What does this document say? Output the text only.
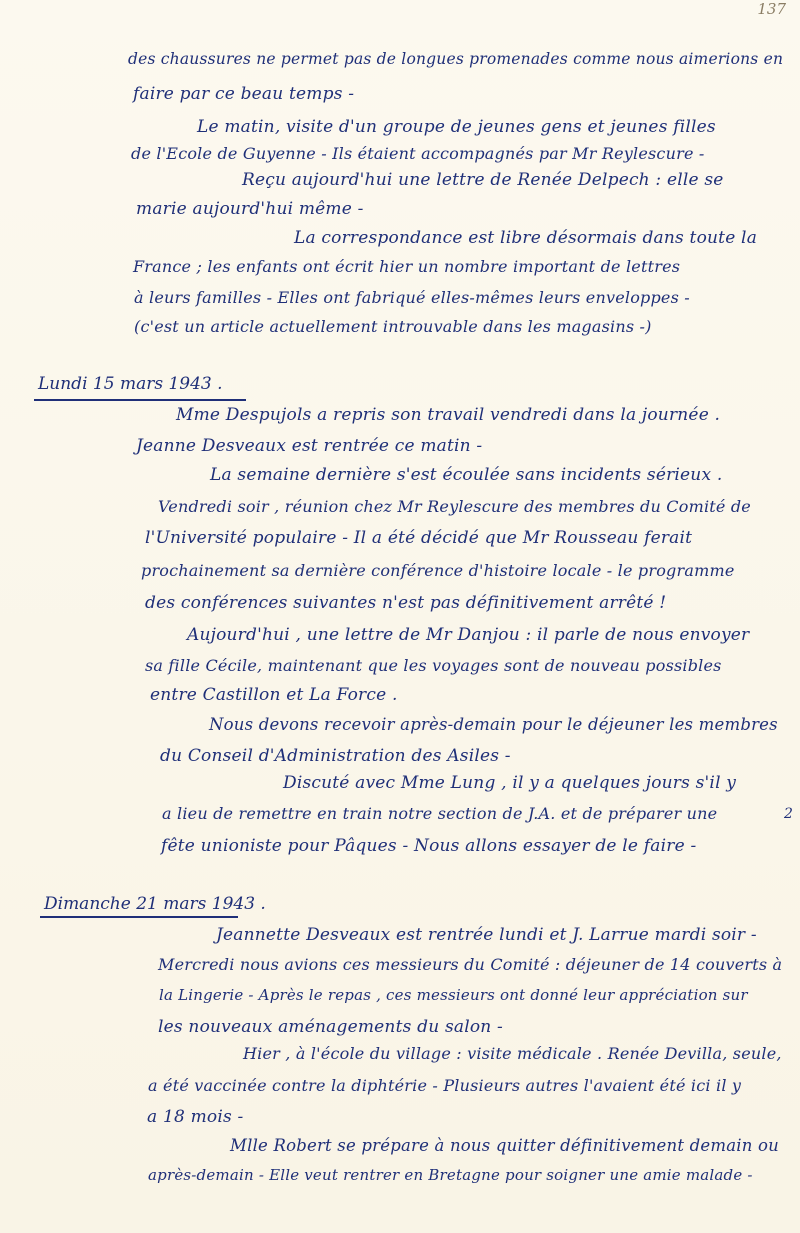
137
des chaussures ne permet pas de longues promenades comme nous aimerions en
faire par ce beau temps -
Le matin, visite d'un groupe de jeunes gens et jeunes filles
de l'Ecole de Guyenne - Ils étaient accompagnés par Mr Reylescure -
Reçu aujourd'hui une lettre de Renée Delpech : elle se
marie aujourd'hui même -
La correspondance est libre désormais dans toute la
France ; les enfants ont écrit hier un nombre important de lettres
à leurs familles - Elles ont fabriqué elles-mêmes leurs enveloppes -
(c'est un article actuellement introuvable dans les magasins -)
Lundi 15 mars 1943 .
Mme Despujols a repris son travail vendredi dans la journée .
Jeanne Desveaux est rentrée ce matin -
La semaine dernière s'est écoulée sans incidents sérieux .
Vendredi soir , réunion chez Mr Reylescure des membres du Comité de
l'Université populaire - Il a été décidé que Mr Rousseau ferait
prochainement sa dernière conférence d'histoire locale - le programme
des conférences suivantes n'est pas définitivement arrêté !
Aujourd'hui , une lettre de Mr Danjou : il parle de nous envoyer
sa fille Cécile, maintenant que les voyages sont de nouveau possibles
entre Castillon et La Force .
Nous devons recevoir après-demain pour le déjeuner les membres
du Conseil d'Administration des Asiles -
Discuté avec Mme Lung , il y a quelques jours s'il y
a lieu de remettre en train notre section de J.A. et de préparer une	2
fête unioniste pour Pâques - Nous allons essayer de le faire -
Dimanche 21 mars 1943 .
Jeannette Desveaux est rentrée lundi et J. Larrue mardi soir -
Mercredi nous avions ces messieurs du Comité : déjeuner de 14 couverts à
la Lingerie - Après le repas , ces messieurs ont donné leur appréciation sur
les nouveaux aménagements du salon -
Hier , à l'école du village : visite médicale . Renée Devilla, seule,
a été vaccinée contre la diphtérie - Plusieurs autres l'avaient été ici il y
a 18 mois -
Mlle Robert se prépare à nous quitter définitivement demain ou
après-demain - Elle veut rentrer en Bretagne pour soigner une amie malade -
